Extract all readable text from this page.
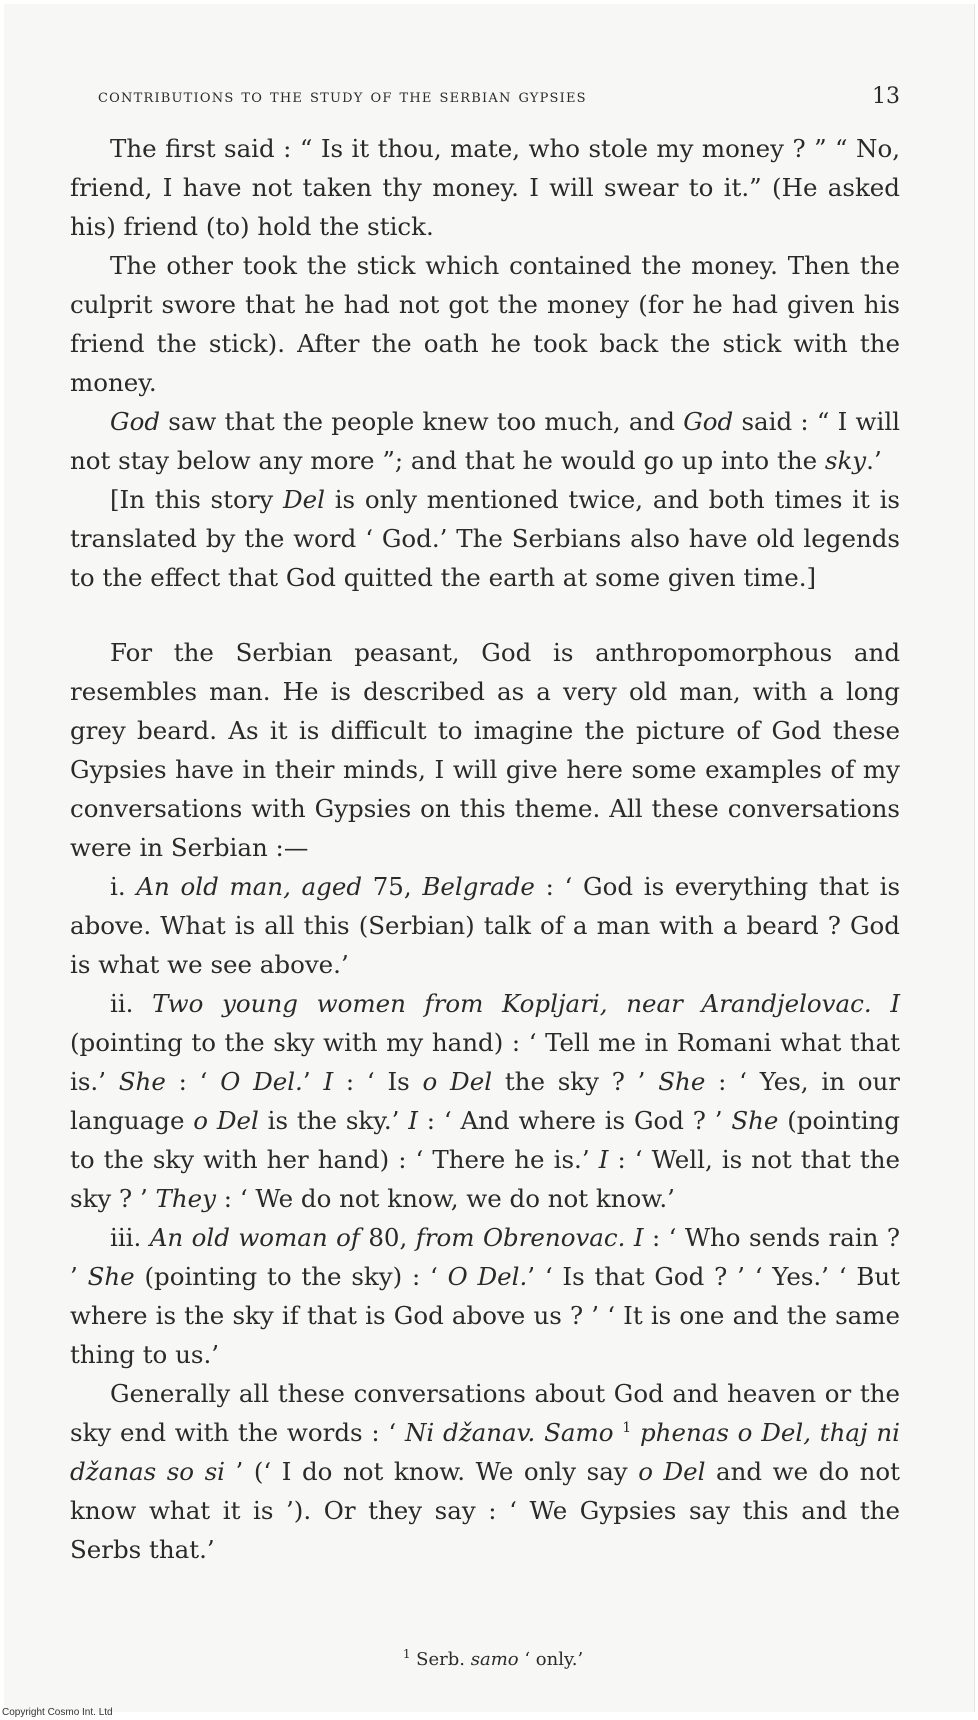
contributions to the study of the serbian gypsies	13

The first said : “ Is it thou, mate, who stole my money ? ” “ No, friend, I have not taken thy money. I will swear to it.” (He asked his) friend (to) hold the stick.

The other took the stick which contained the money. Then the culprit swore that he had not got the money (for he had given his friend the stick). After the oath he took back the stick with the money.

God saw that the people knew too much, and God said : “ I will not stay below any more ”; and that he would go up into the sky.’

[In this story Del is only mentioned twice, and both times it is translated by the word ‘ God.’ The Serbians also have old legends to the effect that God quitted the earth at some given time.]

For the Serbian peasant, God is anthropomorphous and resembles man. He is described as a very old man, with a long grey beard. As it is difficult to imagine the picture of God these Gypsies have in their minds, I will give here some examples of my conversations with Gypsies on this theme. All these conversations were in Serbian :—

i. An old man, aged 75, Belgrade : ‘ God is everything that is above. What is all this (Serbian) talk of a man with a beard ? God is what we see above.’

ii. Two young women from Kopljari, near Arandjelovac. I (pointing to the sky with my hand) : ‘ Tell me in Romani what that is.’ She : ‘ O Del.’ I : ‘ Is o Del the sky ? ’ She : ‘ Yes, in our language o Del is the sky.’ I : ‘ And where is God ? ’ She (pointing to the sky with her hand) : ‘ There he is.’ I : ‘ Well, is not that the sky ? ’ They : ‘ We do not know, we do not know.’

iii. An old woman of 80, from Obrenovac. I : ‘ Who sends rain ? ’ She (pointing to the sky) : ‘ O Del.’ ‘ Is that God ? ’ ‘ Yes.’ ‘ But where is the sky if that is God above us ? ’ ‘ It is one and the same thing to us.’

Generally all these conversations about God and heaven or the sky end with the words : ‘ Ni džanav. Samo $^1$ phenas o Del, thaj ni džanas so si ’ (‘ I do not know. We only say o Del and we do not know what it is ’). Or they say : ‘ We Gypsies say this and the Serbs that.’

$^1$ Serb. samo ‘ only.’
Copyright Cosmo Int. Ltd
